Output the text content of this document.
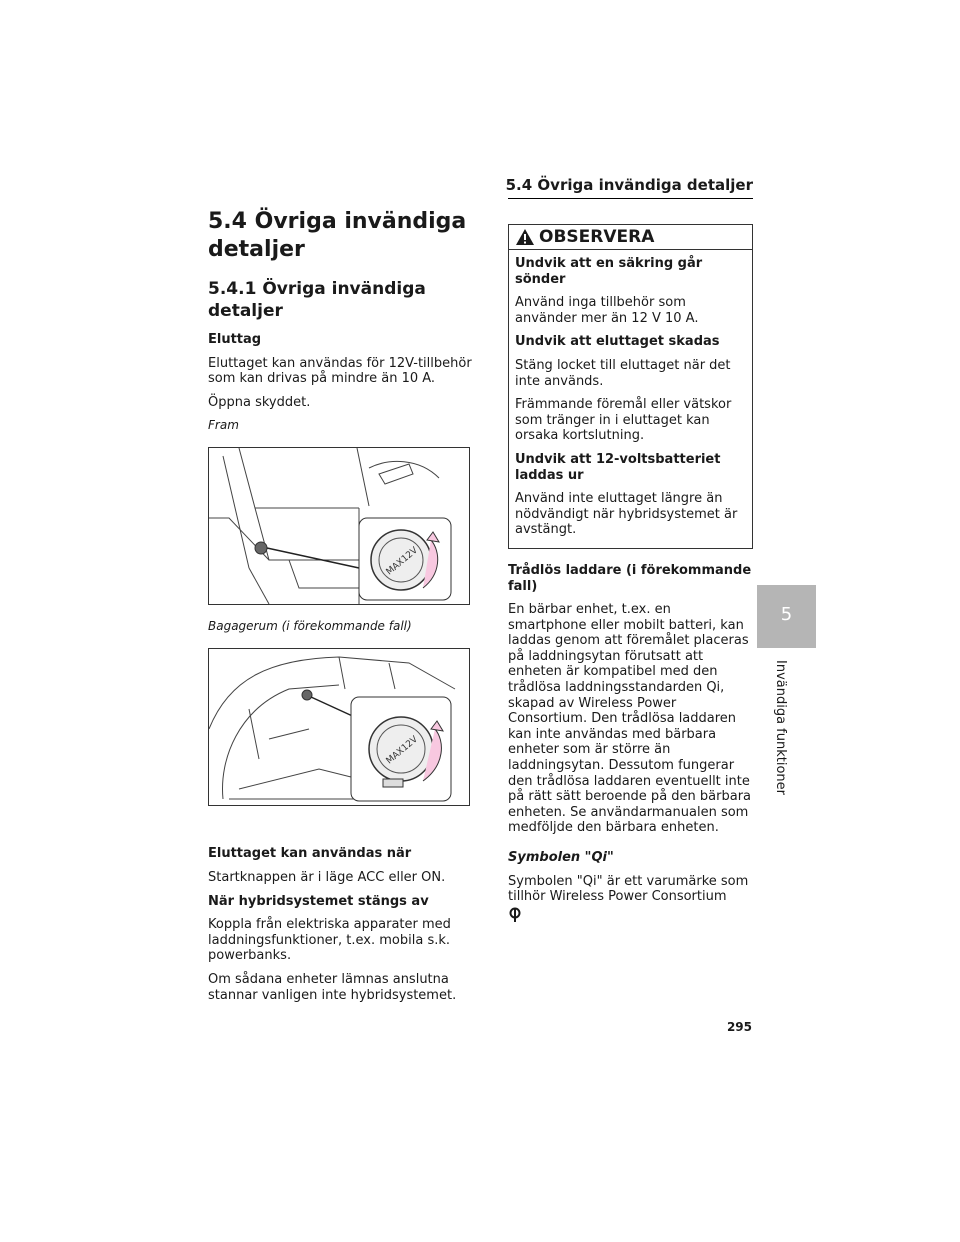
5.4 Övriga invändiga detaljer
5.4 Övriga invändiga detaljer
5.4.1 Övriga invändiga detaljer
Eluttag
Eluttaget kan användas för 12V-tillbehör som kan drivas på mindre än 10 A.
Öppna skyddet.
Fram
MAX12V
Bagagerum (i förekommande fall)
MAX12V
Eluttaget kan användas när
Startknappen är i läge ACC eller ON.
När hybridsystemet stängs av
Koppla från elektriska apparater med laddningsfunktioner, t.ex. mobila s.k. powerbanks.
Om sådana enheter lämnas anslutna stannar vanligen inte hybridsystemet.
OBSERVERA
Undvik att en säkring går sönder
Använd inga tillbehör som använder mer än 12 V 10 A.
Undvik att eluttaget skadas
Stäng locket till eluttaget när det inte används.
Främmande föremål eller vätskor som tränger in i eluttaget kan orsaka kortslutning.
Undvik att 12-voltsbatteriet laddas ur
Använd inte eluttaget längre än nödvändigt när hybridsystemet är avstängt.
Trådlös laddare (i förekommande fall)
En bärbar enhet, t.ex. en smartphone eller mobilt batteri, kan laddas genom att föremålet placeras på laddningsytan förutsatt att enheten är kompatibel med den trådlösa laddningsstandarden Qi, skapad av Wireless Power Consortium. Den trådlösa laddaren kan inte användas med bärbara enheter som är större än laddningsytan. Dessutom fungerar den trådlösa laddaren eventuellt inte på rätt sätt beroende på den bärbara enheten. Se användarmanualen som medföljde den bärbara enheten.
Symbolen "Qi"
Symbolen "Qi" är ett varumärke som tillhör Wireless Power Consortium
5
Invändiga funktioner
295
